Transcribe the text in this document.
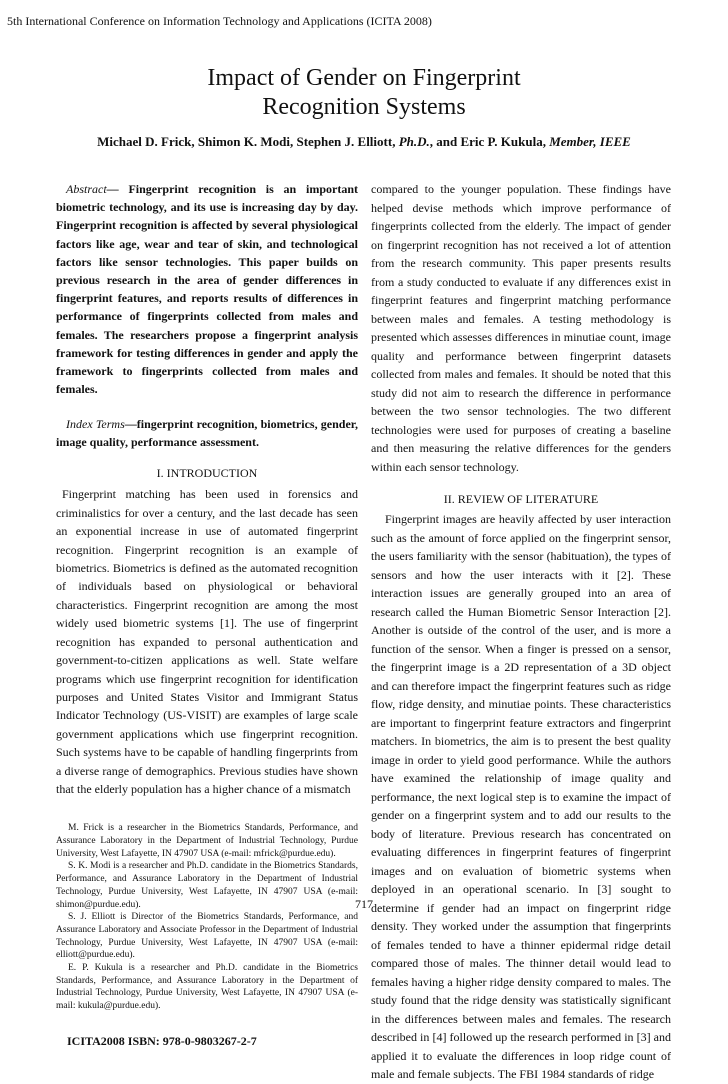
5th International Conference on Information Technology and Applications (ICITA 2008)
Impact of Gender on Fingerprint
Recognition Systems
Michael D. Frick, Shimon K. Modi, Stephen J. Elliott, Ph.D., and Eric P. Kukula, Member, IEEE

Abstract— Fingerprint recognition is an important biometric technology, and its use is increasing day by day. Fingerprint recognition is affected by several physiological factors like age, wear and tear of skin, and technological factors like sensor technologies. This paper builds on previous research in the area of gender differences in fingerprint features, and reports results of differences in performance of fingerprints collected from males and females. The researchers propose a fingerprint analysis framework for testing differences in gender and apply the framework to fingerprints collected from males and females.

Index Terms—fingerprint recognition, biometrics, gender, image quality, performance assessment.

I. INTRODUCTION

Fingerprint matching has been used in forensics and criminalistics for over a century, and the last decade has seen an exponential increase in use of automated fingerprint recognition. Fingerprint recognition is an example of biometrics. Biometrics is defined as the automated recognition of individuals based on physiological or behavioral characteristics. Fingerprint recognition are among the most widely used biometric systems [1]. The use of fingerprint recognition has expanded to personal authentication and government-to-citizen applications as well. State welfare programs which use fingerprint recognition for identification purposes and United States Visitor and Immigrant Status Indicator Technology (US-VISIT) are examples of large scale government applications which use fingerprint recognition. Such systems have to be capable of handling fingerprints from a diverse range of demographics. Previous studies have shown that the elderly population has a higher chance of a mismatch

M. Frick is a researcher in the Biometrics Standards, Performance, and Assurance Laboratory in the Department of Industrial Technology, Purdue University, West Lafayette, IN 47907 USA (e-mail: mfrick@purdue.edu).

S. K. Modi is a researcher and Ph.D. candidate in the Biometrics Standards, Performance, and Assurance Laboratory in the Department of Industrial Technology, Purdue University, West Lafayette, IN 47907 USA (e-mail: shimon@purdue.edu).

S. J. Elliott is Director of the Biometrics Standards, Performance, and Assurance Laboratory and Associate Professor in the Department of Industrial Technology, Purdue University, West Lafayette, IN 47907 USA (e-mail: elliott@purdue.edu).

E. P. Kukula is a researcher and Ph.D. candidate in the Biometrics Standards, Performance, and Assurance Laboratory in the Department of Industrial Technology, Purdue University, West Lafayette, IN 47907 USA (e-mail: kukula@purdue.edu).

ICITA2008 ISBN: 978-0-9803267-2-7

compared to the younger population. These findings have helped devise methods which improve performance of fingerprints collected from the elderly. The impact of gender on fingerprint recognition has not received a lot of attention from the research community. This paper presents results from a study conducted to evaluate if any differences exist in fingerprint features and fingerprint matching performance between males and females. A testing methodology is presented which assesses differences in minutiae count, image quality and performance between fingerprint datasets collected from males and females. It should be noted that this study did not aim to research the difference in performance between the two sensor technologies. The two different technologies were used for purposes of creating a baseline and then measuring the relative differences for the genders within each sensor technology.

II. REVIEW OF LITERATURE

Fingerprint images are heavily affected by user interaction such as the amount of force applied on the fingerprint sensor, the users familiarity with the sensor (habituation), the types of sensors and how the user interacts with it [2]. These interaction issues are generally grouped into an area of research called the Human Biometric Sensor Interaction [2]. Another is outside of the control of the user, and is more a function of the sensor. When a finger is pressed on a sensor, the fingerprint image is a 2D representation of a 3D object and can therefore impact the fingerprint features such as ridge flow, ridge density, and minutiae points. These characteristics are important to fingerprint feature extractors and fingerprint matchers. In biometrics, the aim is to present the best quality image in order to yield good performance. While the authors have examined the relationship of image quality and performance, the next logical step is to examine the impact of gender on a fingerprint system and to add our results to the body of literature. Previous research has concentrated on evaluating differences in fingerprint features of fingerprint images and on evaluation of biometric systems when deployed in an operational scenario. In [3] sought to determine if gender had an impact on fingerprint ridge density. They worked under the assumption that fingerprints of females tended to have a thinner epidermal ridge detail compared those of males. The thinner detail would lead to females having a higher ridge density compared to males. The study found that the ridge density was statistically significant in the differences between males and females. The research described in [4] followed up the research performed in [3] and applied it to evaluate the differences in loop ridge count of male and female subjects. The FBI 1984 standards of ridge

717
